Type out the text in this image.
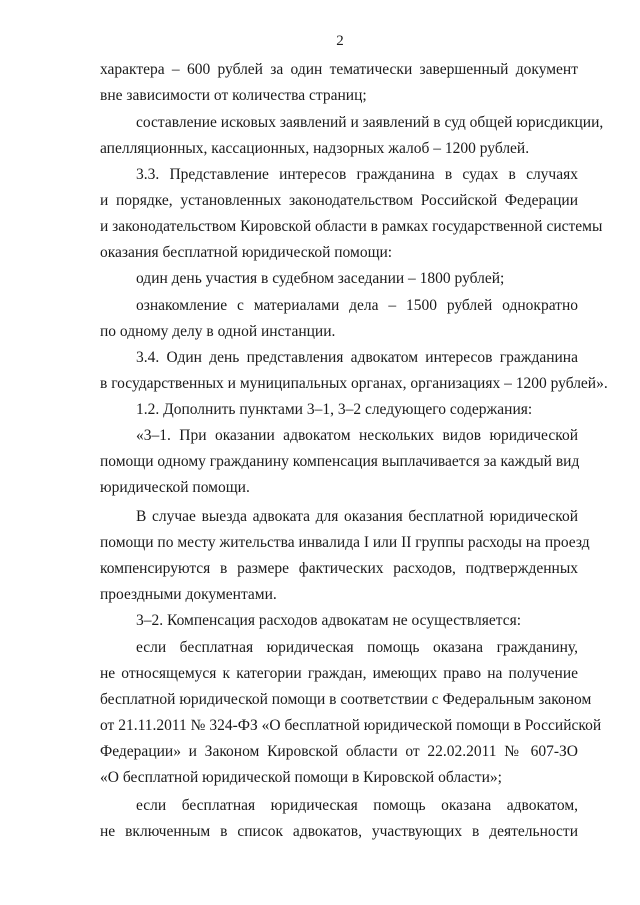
2
характера – 600 рублей за один тематически завершенный документ
вне зависимости от количества страниц;
составление исковых заявлений и заявлений в суд общей юрисдикции,
апелляционных, кассационных, надзорных жалоб – 1200 рублей.
3.3. Представление интересов гражданина в судах в случаях
и порядке, установленных законодательством Российской Федерации
и законодательством Кировской области в рамках государственной системы
оказания бесплатной юридической помощи:
один день участия в судебном заседании – 1800 рублей;
ознакомление с материалами дела – 1500 рублей однократно
по одному делу в одной инстанции.
3.4. Один день представления адвокатом интересов гражданина
в государственных и муниципальных органах, организациях – 1200 рублей».
1.2. Дополнить пунктами 3–1, 3–2 следующего содержания:
«3–1. При оказании адвокатом нескольких видов юридической
помощи одному гражданину компенсация выплачивается за каждый вид
юридической помощи.
В случае выезда адвоката для оказания бесплатной юридической
помощи по месту жительства инвалида I или II группы расходы на проезд
компенсируются в размере фактических расходов, подтвержденных
проездными документами.
3–2. Компенсация расходов адвокатам не осуществляется:
если бесплатная юридическая помощь оказана гражданину,
не относящемуся к категории граждан, имеющих право на получение
бесплатной юридической помощи в соответствии с Федеральным законом
от 21.11.2011 № 324-ФЗ «О бесплатной юридической помощи в Российской
Федерации» и Законом Кировской области от 22.02.2011 № 607-ЗО
«О бесплатной юридической помощи в Кировской области»;
если бесплатная юридическая помощь оказана адвокатом,
не включенным в список адвокатов, участвующих в деятельности
